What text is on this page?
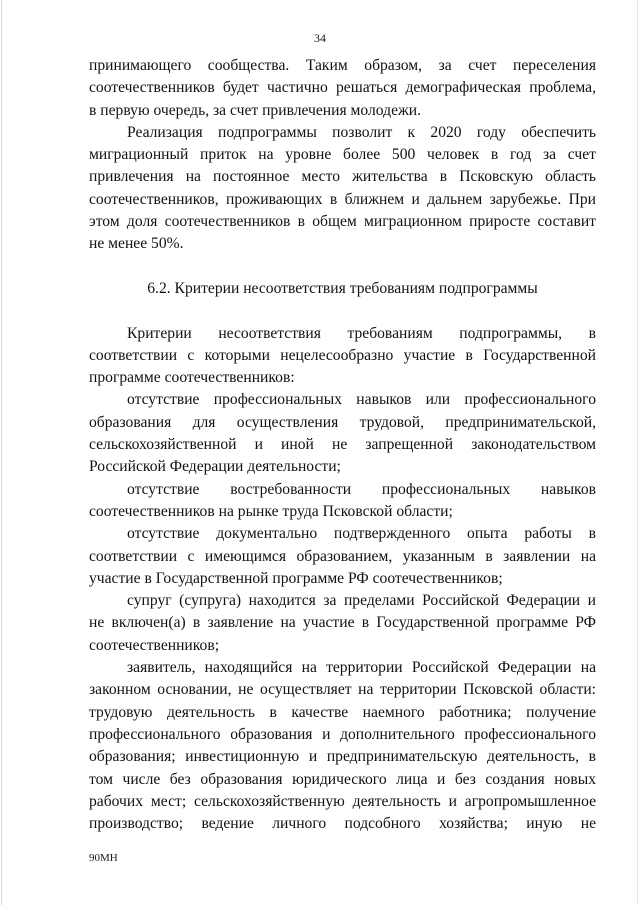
34
принимающего сообщества. Таким образом, за счет переселения
соотечественников будет частично решаться демографическая проблема,
в первую очередь, за счет привлечения молодежи.
Реализация подпрограммы позволит к 2020 году обеспечить
миграционный приток на уровне более 500 человек в год за счет
привлечения на постоянное место жительства в Псковскую область
соотечественников, проживающих в ближнем и дальнем зарубежье. При
этом доля соотечественников в общем миграционном приросте составит
не менее 50%.
6.2. Критерии несоответствия требованиям подпрограммы
Критерии несоответствия требованиям подпрограммы, в
соответствии с которыми нецелесообразно участие в Государственной
программе соотечественников:
отсутствие профессиональных навыков или профессионального
образования для осуществления трудовой, предпринимательской,
сельскохозяйственной и иной не запрещенной законодательством
Российской Федерации деятельности;
отсутствие востребованности профессиональных навыков
соотечественников на рынке труда Псковской области;
отсутствие документально подтвержденного опыта работы в
соответствии с имеющимся образованием, указанным в заявлении на
участие в Государственной программе РФ соотечественников;
супруг (супруга) находится за пределами Российской Федерации и
не включен(а) в заявление на участие в Государственной программе РФ
соотечественников;
заявитель, находящийся на территории Российской Федерации на
законном основании, не осуществляет на территории Псковской области:
трудовую деятельность в качестве наемного работника; получение
профессионального образования и дополнительного профессионального
образования; инвестиционную и предпринимательскую деятельность, в
том числе без образования юридического лица и без создания новых
рабочих мест; сельскохозяйственную деятельность и агропромышленное
производство; ведение личного подсобного хозяйства; иную не
90МН
